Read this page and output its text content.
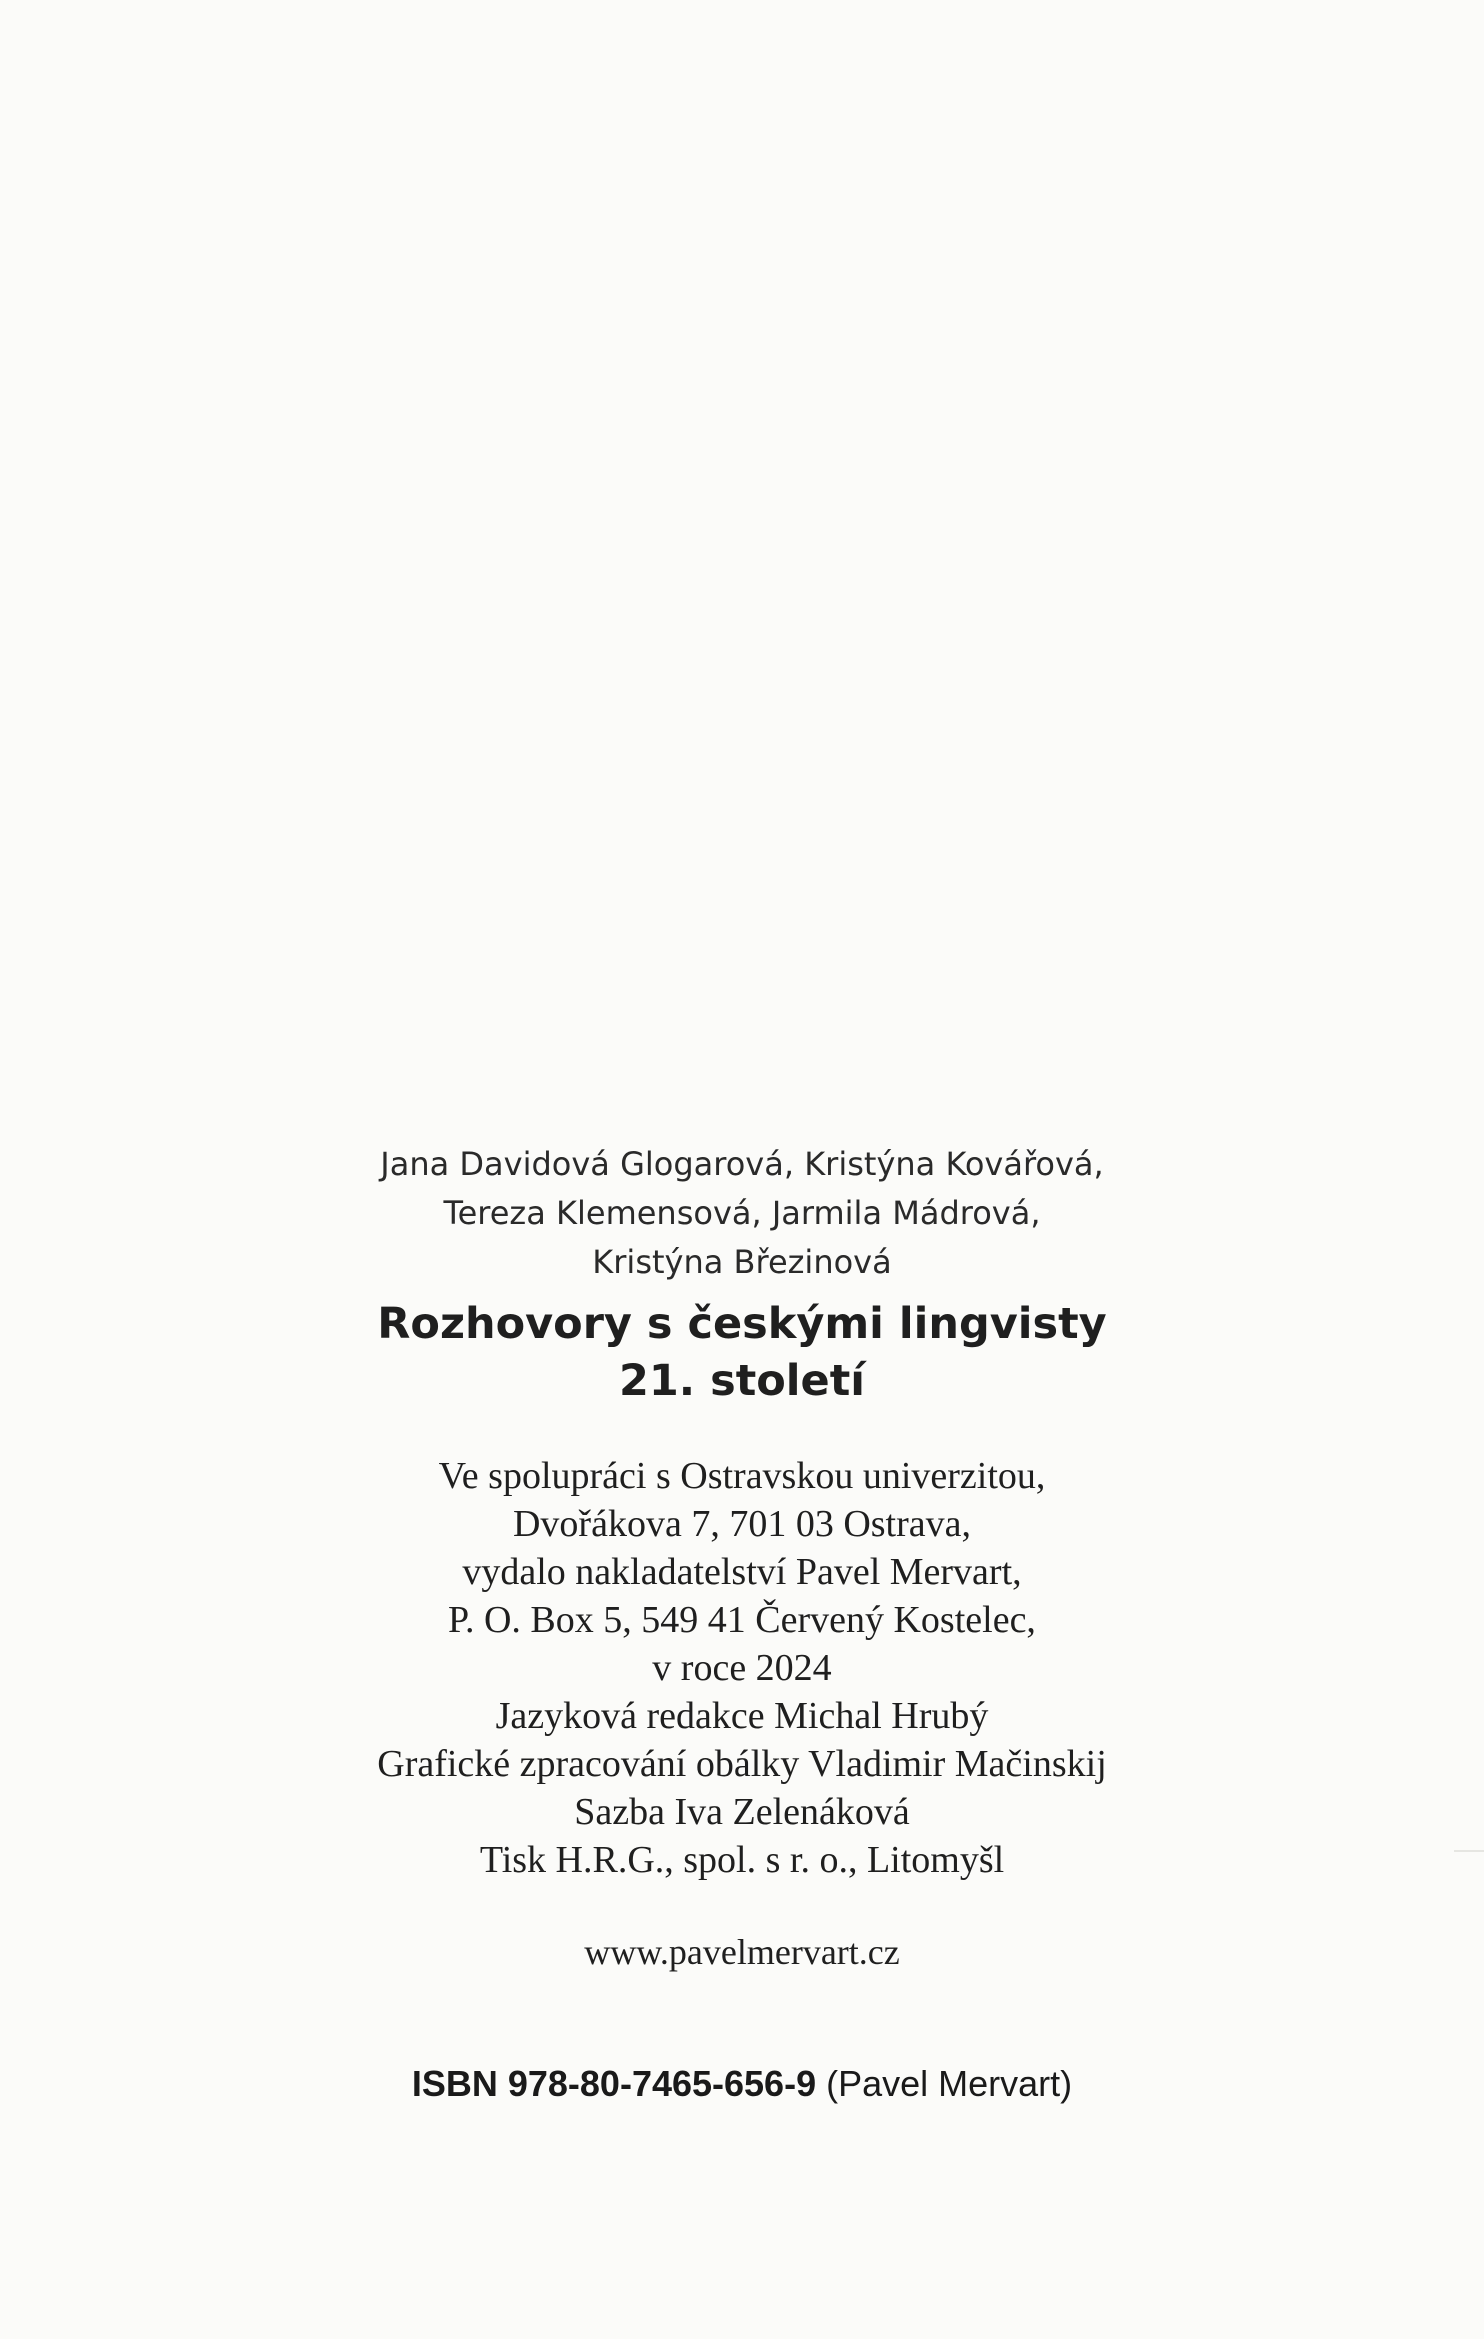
Jana Davidová Glogarová, Kristýna Kovářová,
Tereza Klemensová, Jarmila Mádrová,
Kristýna Březinová
Rozhovory s českými lingvisty
21. století
Ve spolupráci s Ostravskou univerzitou,
Dvořákova 7, 701 03 Ostrava,
vydalo nakladatelství Pavel Mervart,
P. O. Box 5, 549 41 Červený Kostelec,
v roce 2024
Jazyková redakce Michal Hrubý
Grafické zpracování obálky Vladimir Mačinskij
Sazba Iva Zelenáková
Tisk H.R.G., spol. s r. o., Litomyšl
www.pavelmervart.cz
ISBN 978-80-7465-656-9 (Pavel Mervart)
